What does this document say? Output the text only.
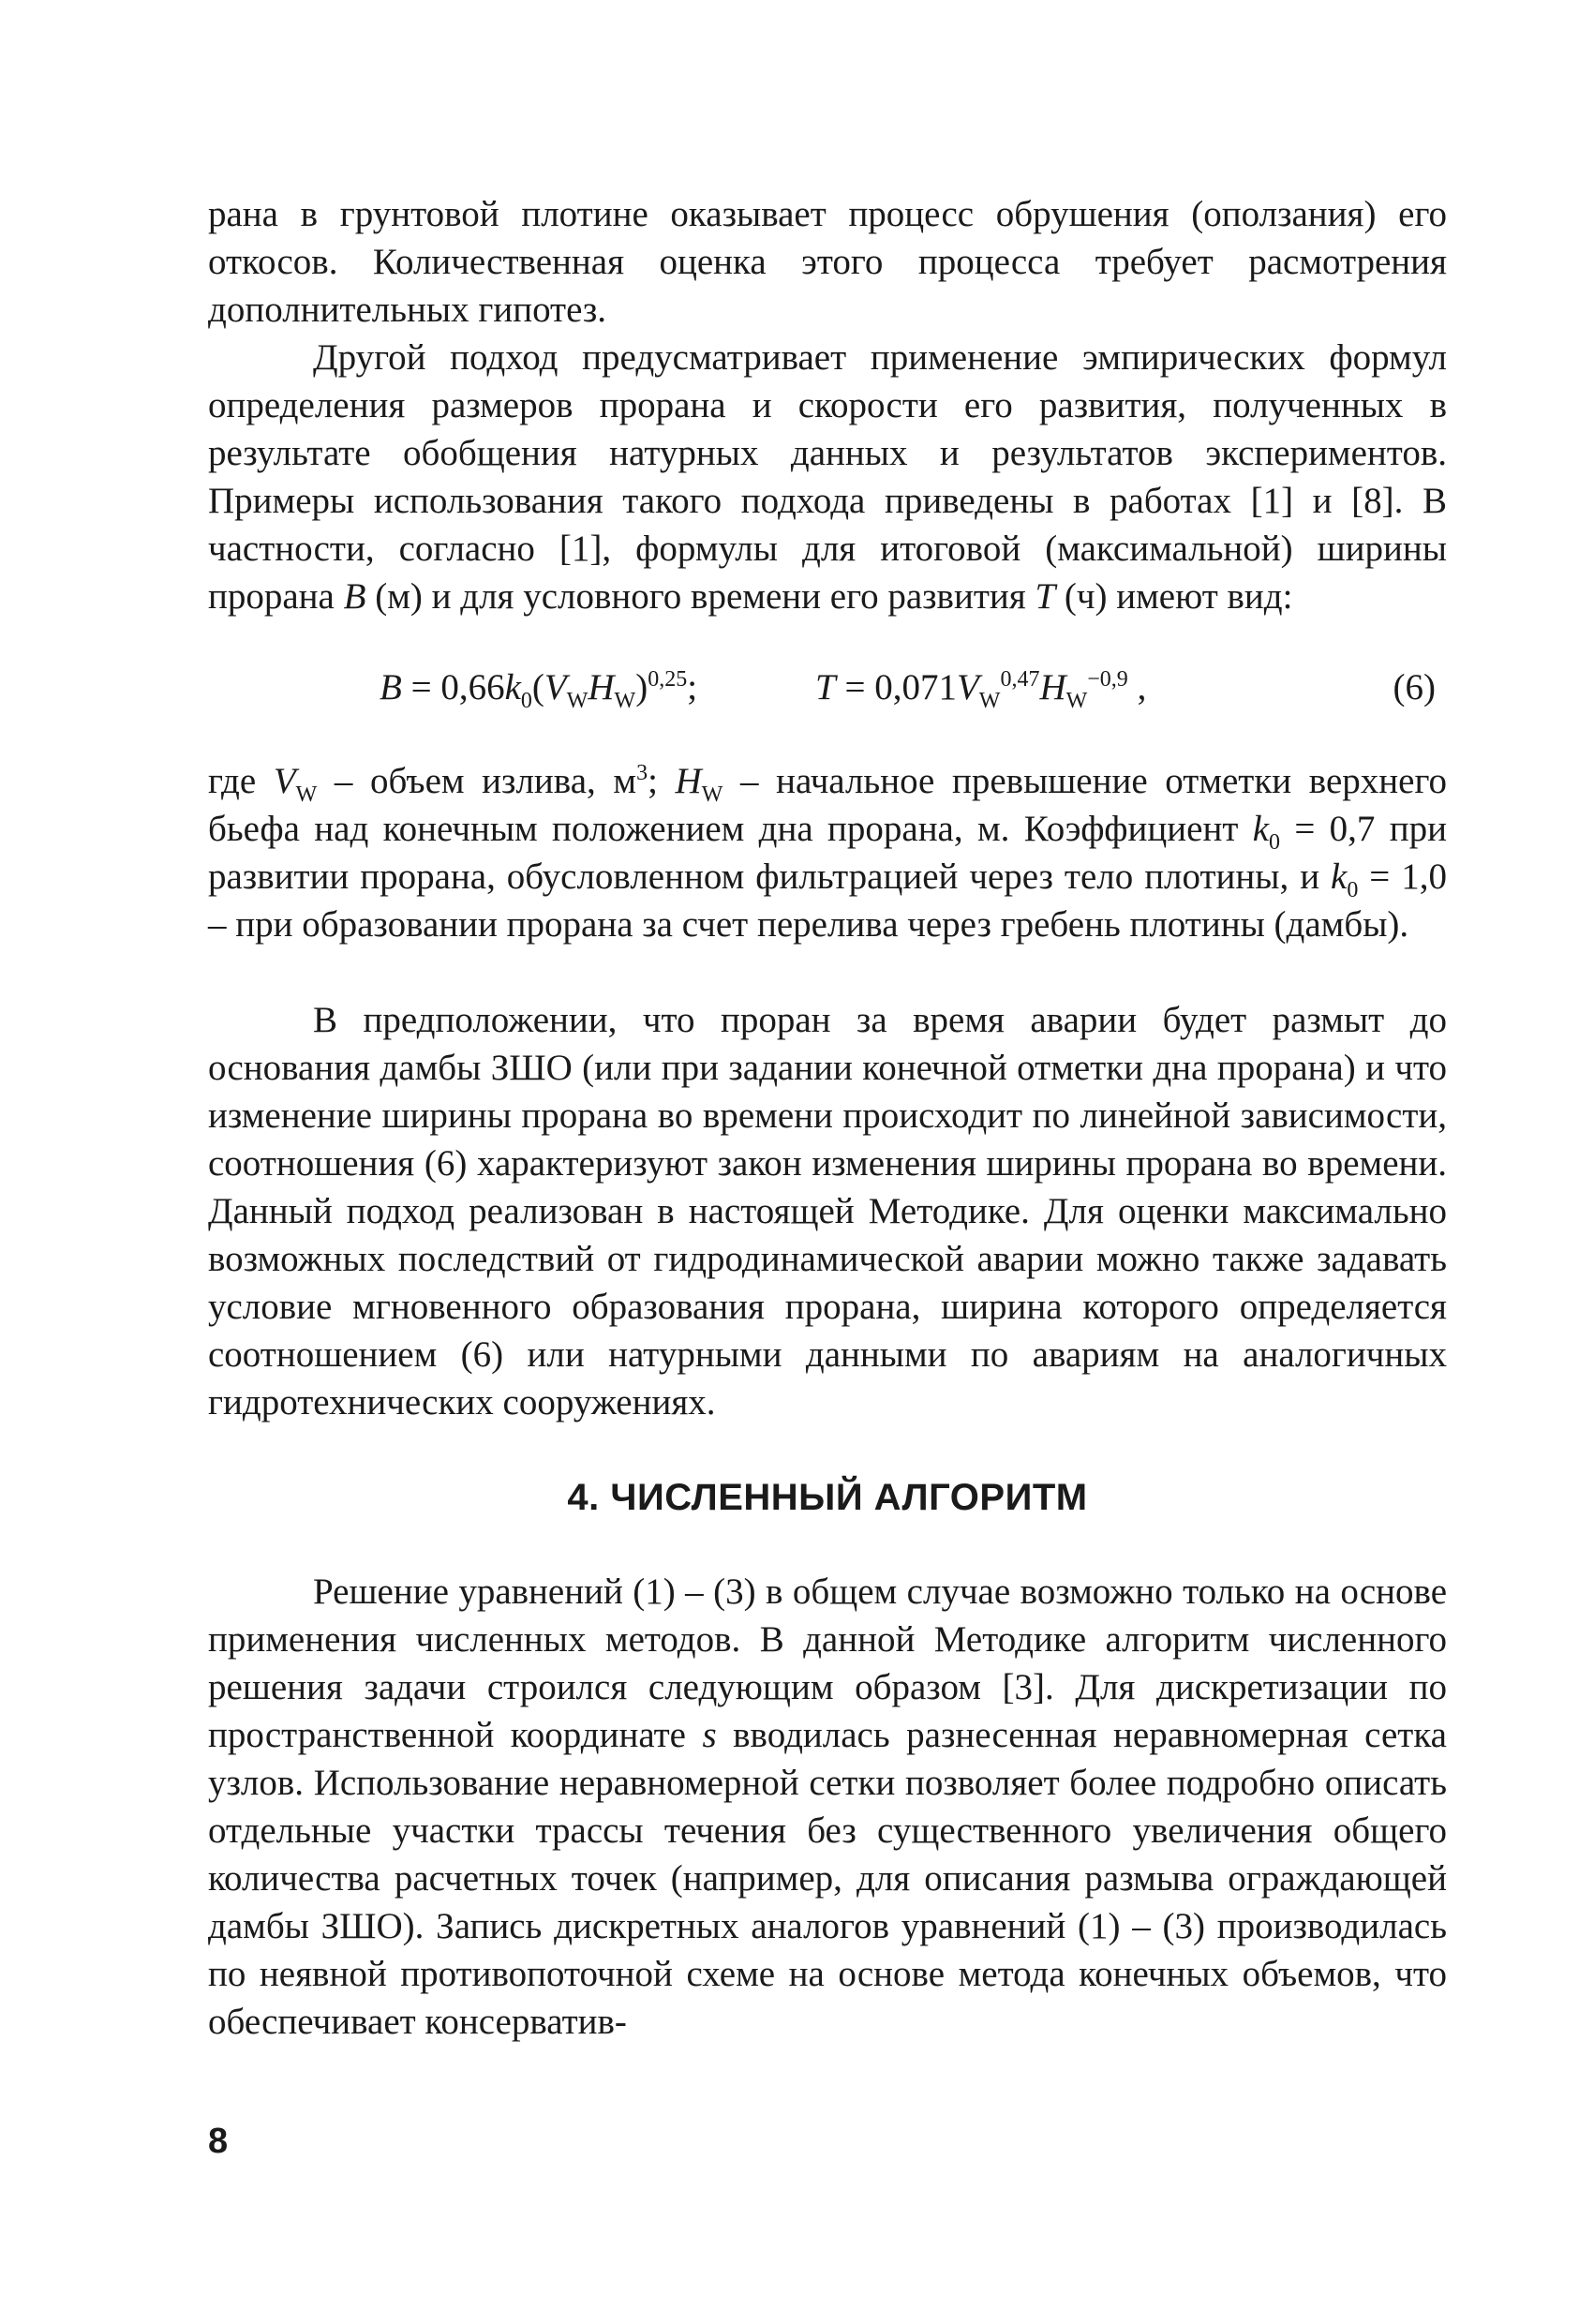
рана в грунтовой плотине оказывает процесс обрушения (оползания) его откосов. Количественная оценка этого процесса требует расмотрения дополнительных гипотез.

Другой подход предусматривает применение эмпирических формул определения размеров прорана и скорости его развития, полученных в результате обобщения натурных данных и результатов экспериментов. Примеры использования такого подхода приведены в работах [1] и [8]. В частности, согласно [1], формулы для итоговой (максимальной) ширины прорана B (м) и для условного времени его развития T (ч) имеют вид:

$B = 0,66k_0(V_WH_W)^{0,25}$;	$T = 0,071V_W^{0,47}H_W^{-0,9}$ ,	(6)

где $V_W$ – объем излива, $м^3$; $H_W$ – начальное превышение отметки верхнего бьефа над конечным положением дна прорана, м. Коэффициент $k_0 = 0,7$ при развитии прорана, обусловленном фильтрацией через тело плотины, и $k_0 = 1,0$ – при образовании прорана за счет перелива через гребень плотины (дамбы).

В предположении, что проран за время аварии будет размыт до основания дамбы ЗШО (или при задании конечной отметки дна прорана) и что изменение ширины прорана во времени происходит по линейной зависимости, соотношения (6) характеризуют закон изменения ширины прорана во времени. Данный подход реализован в настоящей Методике. Для оценки максимально возможных последствий от гидродинамической аварии можно также задавать условие мгновенного образования прорана, ширина которого определяется соотношением (6) или натурными данными по авариям на аналогичных гидротехнических сооружениях.

4. ЧИСЛЕННЫЙ АЛГОРИТМ

Решение уравнений (1) – (3) в общем случае возможно только на основе применения численных методов. В данной Методике алгоритм численного решения задачи строился следующим образом [3]. Для дискретизации по пространственной координате s вводилась разнесенная неравномерная сетка узлов. Использование неравномерной сетки позволяет более подробно описать отдельные участки трассы течения без существенного увеличения общего количества расчетных точек (например, для описания размыва ограждающей дамбы ЗШО). Запись дискретных аналогов уравнений (1) – (3) производилась по неявной противопоточной схеме на основе метода конечных объемов, что обеспечивает консерватив-

8
